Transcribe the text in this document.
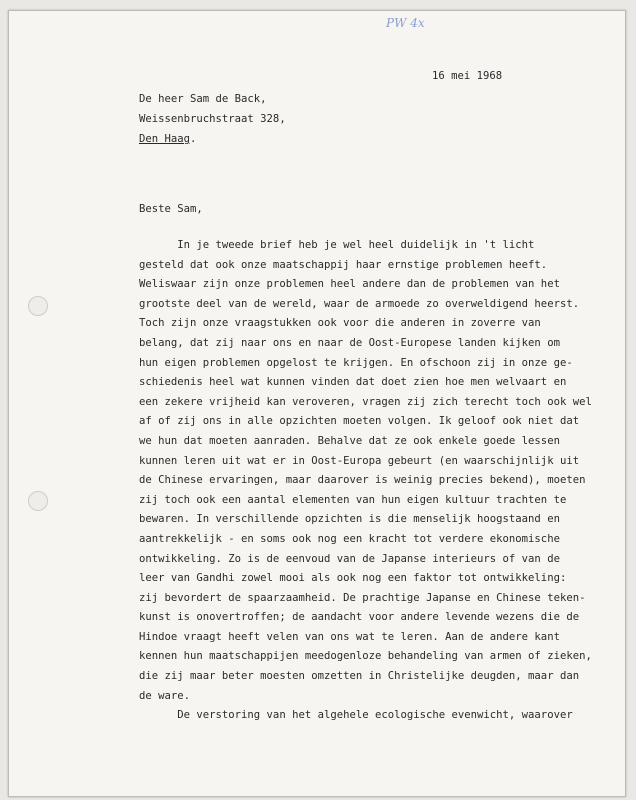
PW 4x
16 mei 1968
De heer Sam de Back,
Weissenbruchstraat 328,
Den Haag.
Beste Sam,
In je tweede brief heb je wel heel duidelijk in 't licht
gesteld dat ook onze maatschappij haar ernstige problemen heeft.
Weliswaar zijn onze problemen heel andere dan de problemen van het
grootste deel van de wereld, waar de armoede zo overweldigend heerst.
Toch zijn onze vraagstukken ook voor die anderen in zoverre van
belang, dat zij naar ons en naar de Oost-Europese landen kijken om
hun eigen problemen opgelost te krijgen. En ofschoon zij in onze ge-
schiedenis heel wat kunnen vinden dat doet zien hoe men welvaart en
een zekere vrijheid kan veroveren, vragen zij zich terecht toch ook wel
af of zij ons in alle opzichten moeten volgen. Ik geloof ook niet dat
we hun dat moeten aanraden. Behalve dat ze ook enkele goede lessen
kunnen leren uit wat er in Oost-Europa gebeurt (en waarschijnlijk uit
de Chinese ervaringen, maar daarover is weinig precies bekend), moeten
zij toch ook een aantal elementen van hun eigen kultuur trachten te
bewaren. In verschillende opzichten is die menselijk hoogstaand en
aantrekkelijk - en soms ook nog een kracht tot verdere ekonomische
ontwikkeling. Zo is de eenvoud van de Japanse interieurs of van de
leer van Gandhi zowel mooi als ook nog een faktor tot ontwikkeling:
zij bevordert de spaarzaamheid. De prachtige Japanse en Chinese teken-
kunst is onovertroffen; de aandacht voor andere levende wezens die de
Hindoe vraagt heeft velen van ons wat te leren. Aan de andere kant
kennen hun maatschappijen meedogenloze behandeling van armen of zieken,
die zij maar beter moesten omzetten in Christelijke deugden, maar dan
de ware.
De verstoring van het algehele ecologische evenwicht, waarover
